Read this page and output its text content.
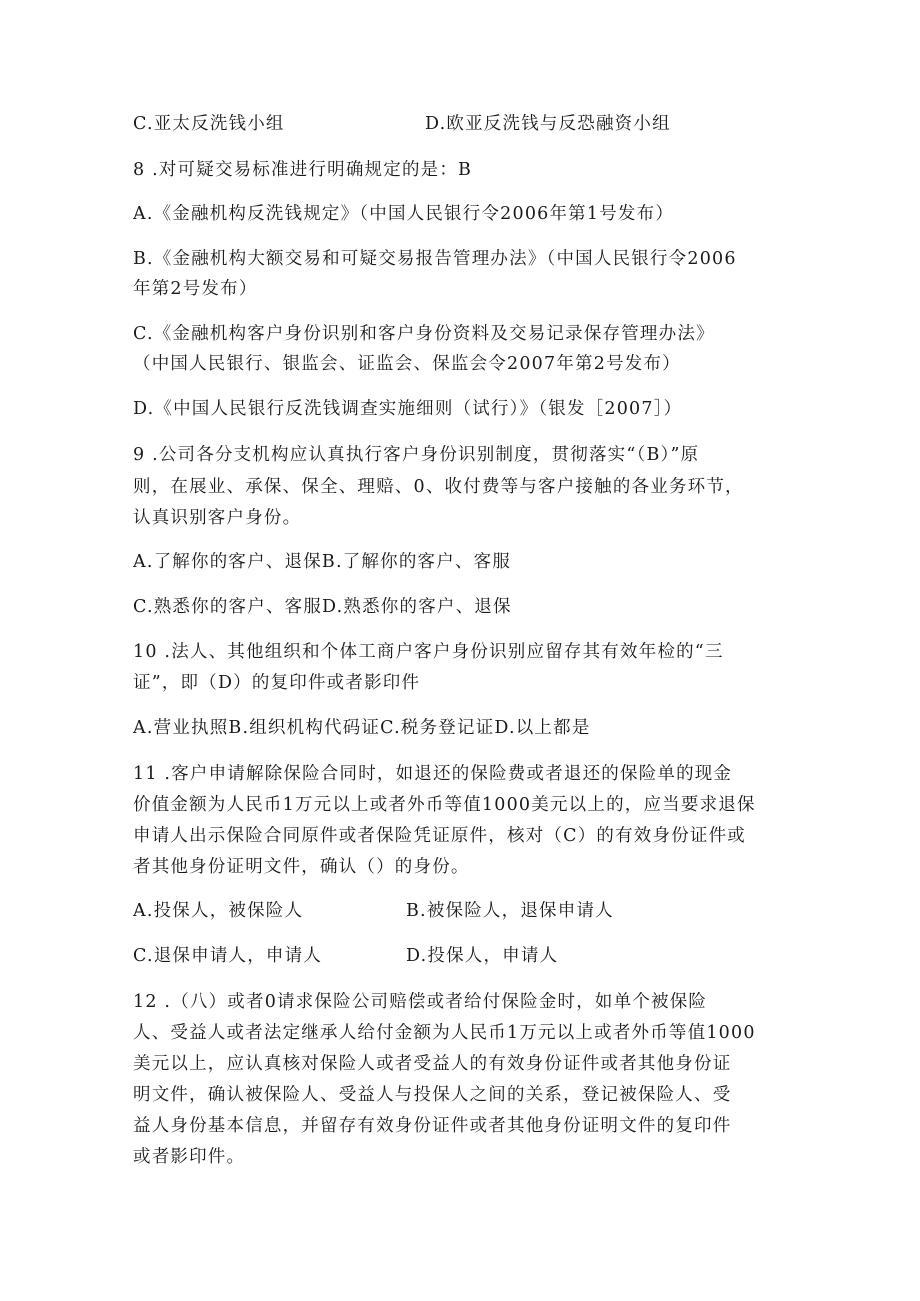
C.亚太反洗钱小组	D.欧亚反洗钱与反恐融资小组
8 .对可疑交易标准进行明确规定的是：B
A.《金融机构反洗钱规定》（中国人民银行令2006年第1号发布）
B.《金融机构大额交易和可疑交易报告管理办法》（中国人民银行令2006
年第2号发布）
C.《金融机构客户身份识别和客户身份资料及交易记录保存管理办法》
（中国人民银行、银监会、证监会、保监会令2007年第2号发布）
D.《中国人民银行反洗钱调查实施细则（试行）》（银发［2007］）
9 .公司各分支机构应认真执行客户身份识别制度，贯彻落实“（B）”原
则，在展业、承保、保全、理赔、0、收付费等与客户接触的各业务环节，
认真识别客户身份。
A.了解你的客户、退保B.了解你的客户、客服
C.熟悉你的客户、客服D.熟悉你的客户、退保
10 .法人、其他组织和个体工商户客户身份识别应留存其有效年检的“三
证”，即（D）的复印件或者影印件
A.营业执照B.组织机构代码证C.税务登记证D.以上都是
11 .客户申请解除保险合同时，如退还的保险费或者退还的保险单的现金
价值金额为人民币1万元以上或者外币等值1000美元以上的，应当要求退保
申请人出示保险合同原件或者保险凭证原件，核对（C）的有效身份证件或
者其他身份证明文件，确认（）的身份。
A.投保人，被保险人	B.被保险人，退保申请人
C.退保申请人，申请人	D.投保人，申请人
12 .（八）或者0请求保险公司赔偿或者给付保险金时，如单个被保险
人、受益人或者法定继承人给付金额为人民币1万元以上或者外币等值1000
美元以上，应认真核对保险人或者受益人的有效身份证件或者其他身份证
明文件，确认被保险人、受益人与投保人之间的关系，登记被保险人、受
益人身份基本信息，并留存有效身份证件或者其他身份证明文件的复印件
或者影印件。
